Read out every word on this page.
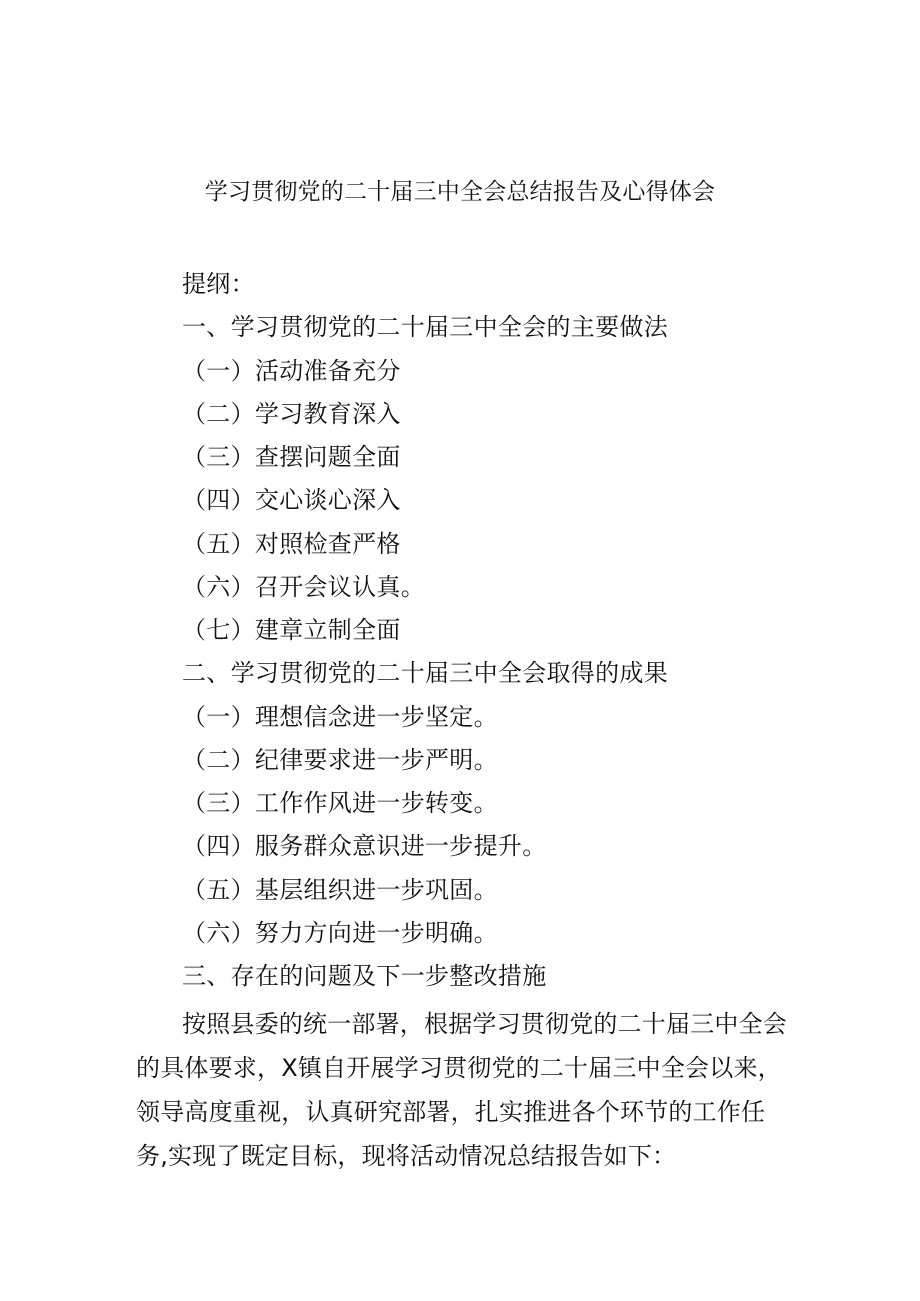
学习贯彻党的二十届三中全会总结报告及心得体会
提纲：
一、学习贯彻党的二十届三中全会的主要做法
（一）活动准备充分
（二）学习教育深入
（三）查摆问题全面
（四）交心谈心深入
（五）对照检查严格
（六）召开会议认真。
（七）建章立制全面
二、学习贯彻党的二十届三中全会取得的成果
（一）理想信念进一步坚定。
（二）纪律要求进一步严明。
（三）工作作风进一步转变。
（四）服务群众意识进一步提升。
（五）基层组织进一步巩固。
（六）努力方向进一步明确。
三、存在的问题及下一步整改措施
按照县委的统一部署，根据学习贯彻党的二十届三中全会的具体要求，X镇自开展学习贯彻党的二十届三中全会以来，领导高度重视，认真研究部署，扎实推进各个环节的工作任务,实现了既定目标，现将活动情况总结报告如下：
